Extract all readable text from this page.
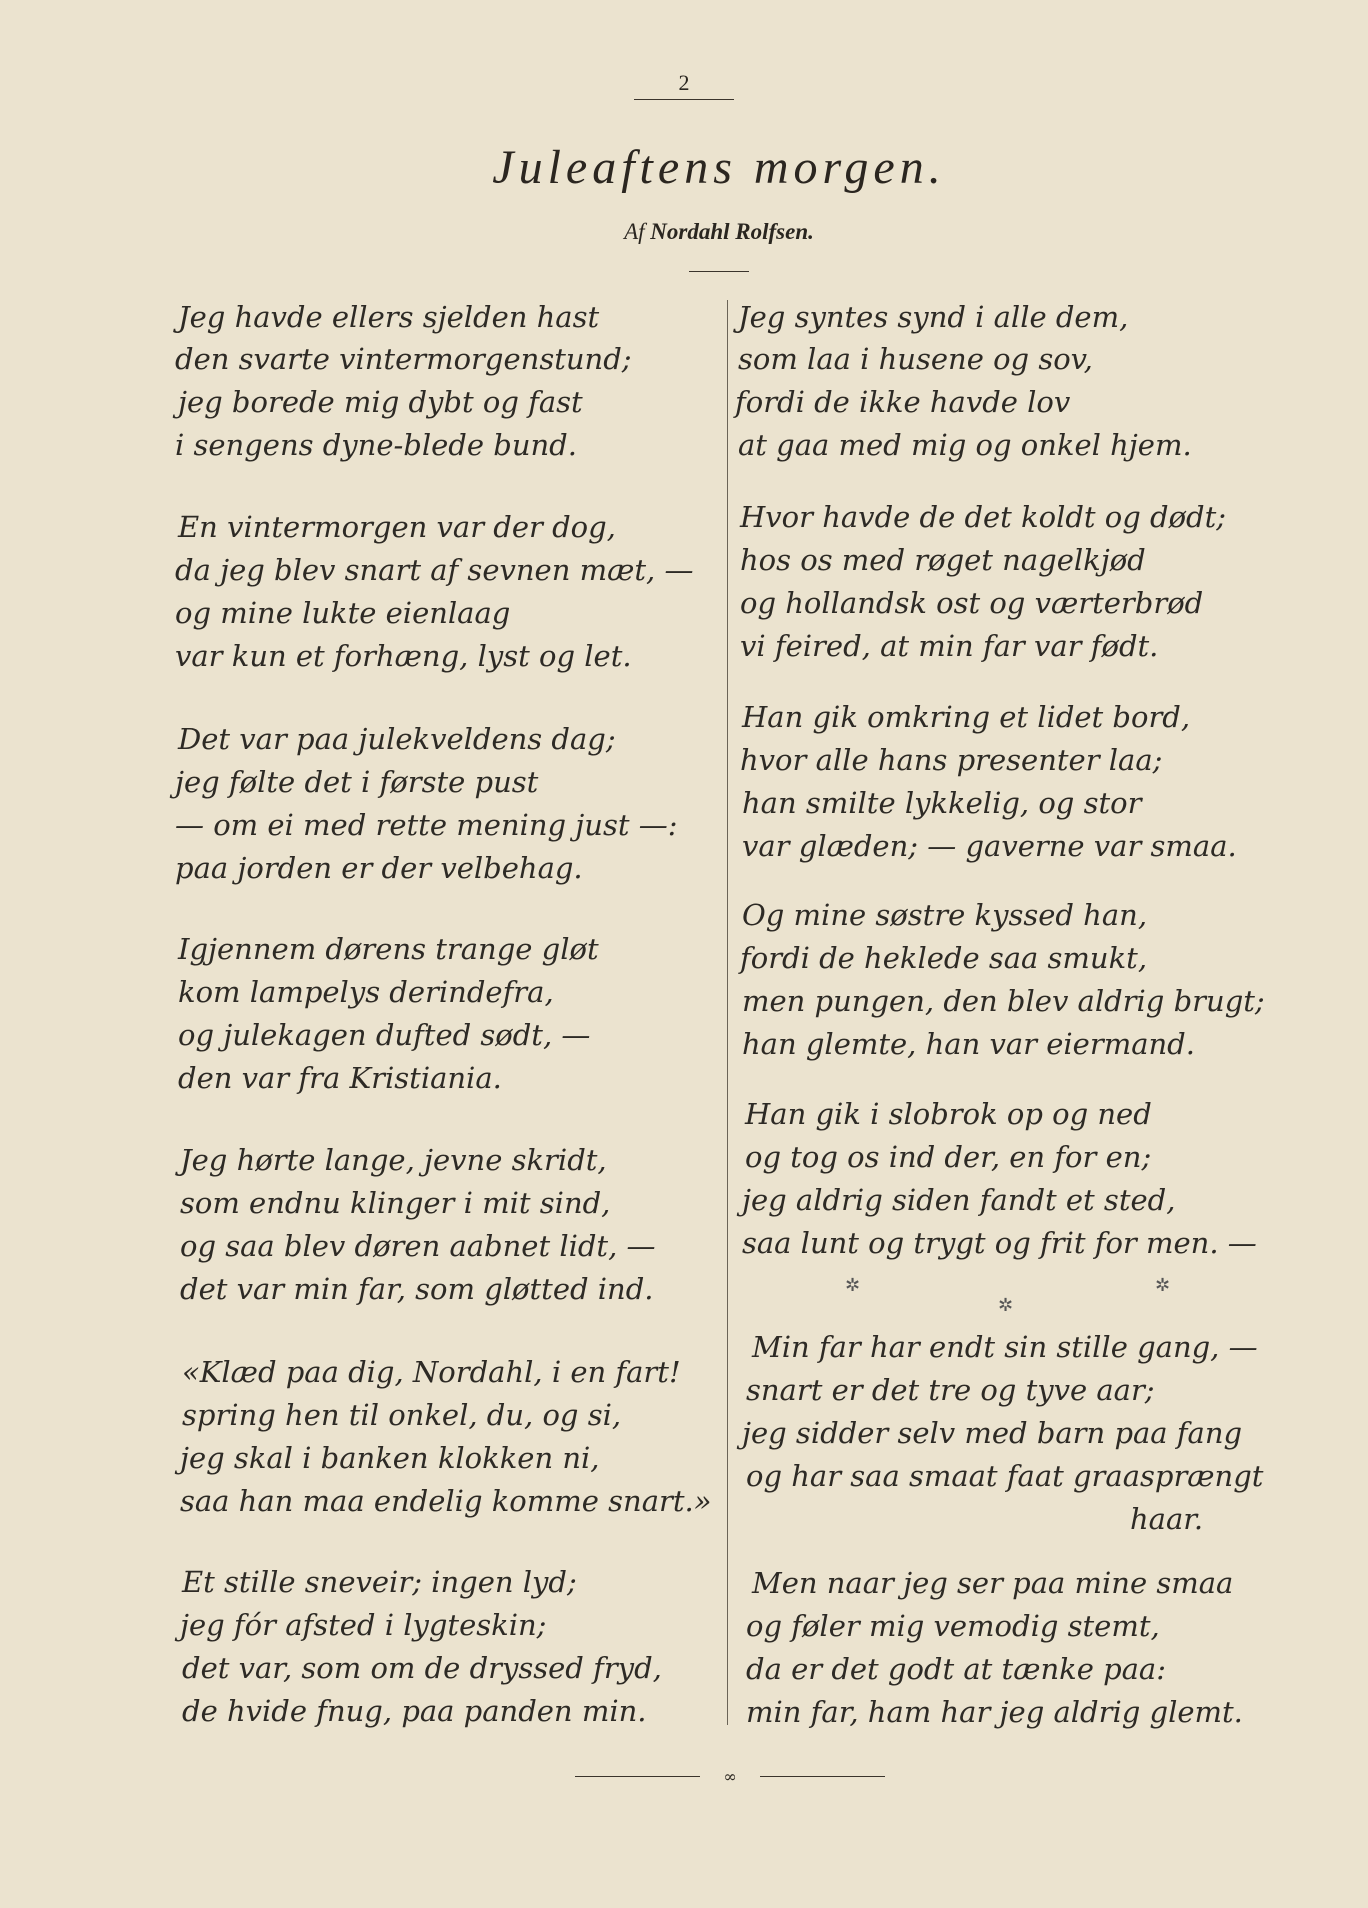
2
Juleaftens morgen.
Af Nordahl Rolfsen.
Jeg havde ellers sjelden hast
den svarte vintermorgenstund;
jeg borede mig dybt og fast
i sengens dyne-blede bund.
En vintermorgen var der dog,
da jeg blev snart af sevnen mæt, —
og mine lukte eienlaag
var kun et forhæng, lyst og let.
Det var paa julekveldens dag;
jeg følte det i første pust
— om ei med rette mening just —:
paa jorden er der velbehag.
Igjennem dørens trange gløt
kom lampelys derindefra,
og julekagen dufted sødt, —
den var fra Kristiania.
Jeg hørte lange, jevne skridt,
som endnu klinger i mit sind,
og saa blev døren aabnet lidt, —
det var min far, som gløtted ind.
«Klæd paa dig, Nordahl, i en fart!
spring hen til onkel, du, og si,
jeg skal i banken klokken ni,
saa han maa endelig komme snart.»
Et stille sneveir; ingen lyd;
jeg fór afsted i lygteskin;
det var, som om de dryssed fryd,
de hvide fnug, paa panden min.
Jeg syntes synd i alle dem,
som laa i husene og sov,
fordi de ikke havde lov
at gaa med mig og onkel hjem.
Hvor havde de det koldt og dødt;
hos os med røget nagelkjød
og hollandsk ost og værterbrød
vi feired, at min far var født.
Han gik omkring et lidet bord,
hvor alle hans presenter laa;
han smilte lykkelig, og stor
var glæden; — gaverne var smaa.
Og mine søstre kyssed han,
fordi de heklede saa smukt,
men pungen, den blev aldrig brugt;
han glemte, han var eiermand.
Han gik i slobrok op og ned
og tog os ind der, en for en;
jeg aldrig siden fandt et sted,
saa lunt og trygt og frit for men. —
Min far har endt sin stille gang, —
snart er det tre og tyve aar;
jeg sidder selv med barn paa fang
og har saa smaat faat graasprængt
haar.
Men naar jeg ser paa mine smaa
og føler mig vemodig stemt,
da er det godt at tænke paa:
min far, ham har jeg aldrig glemt.
✲
✲
✲
∞
